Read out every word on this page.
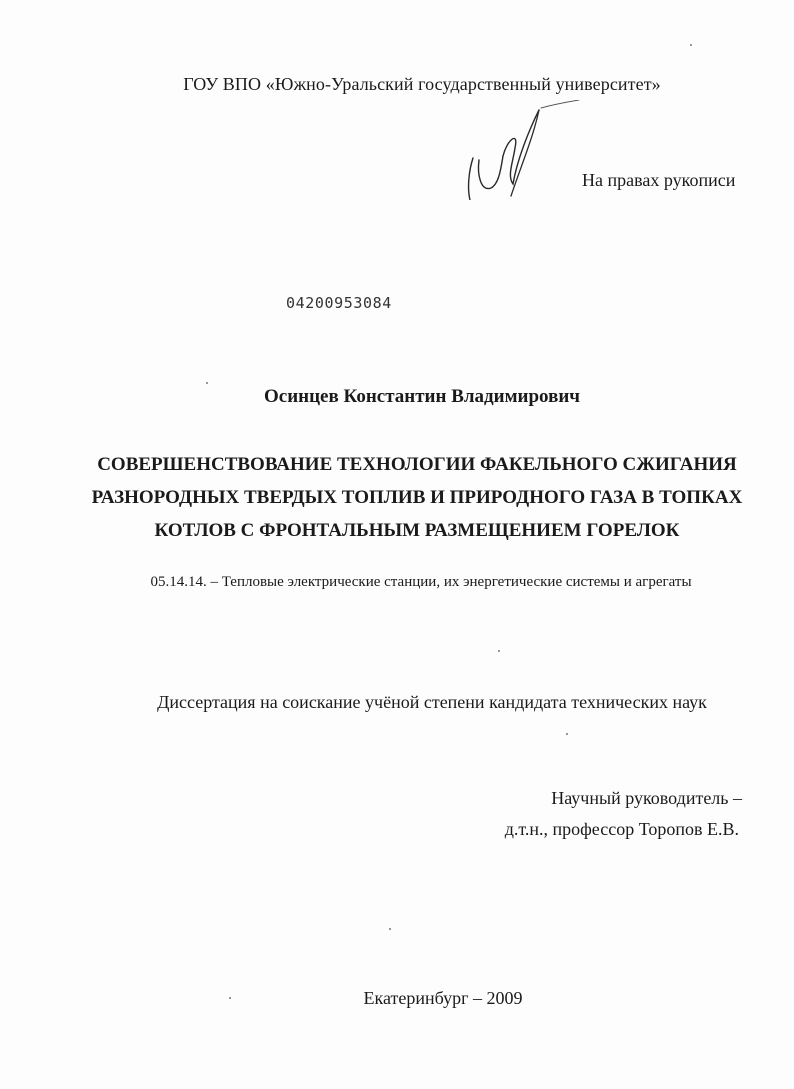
ГОУ ВПО «Южно-Уральский государственный университет»
На правах рукописи
04200953084
Осинцев Константин Владимирович
СОВЕРШЕНСТВОВАНИЕ ТЕХНОЛОГИИ ФАКЕЛЬНОГО СЖИГАНИЯ
РАЗНОРОДНЫХ ТВЕРДЫХ ТОПЛИВ И ПРИРОДНОГО ГАЗА В ТОПКАХ
КОТЛОВ С ФРОНТАЛЬНЫМ РАЗМЕЩЕНИЕМ ГОРЕЛОК
05.14.14. – Тепловые электрические станции, их энергетические системы и агрегаты
Диссертация на соискание учёной степени кандидата технических наук
Научный руководитель –
д.т.н., профессор Торопов Е.В.
Екатеринбург – 2009
